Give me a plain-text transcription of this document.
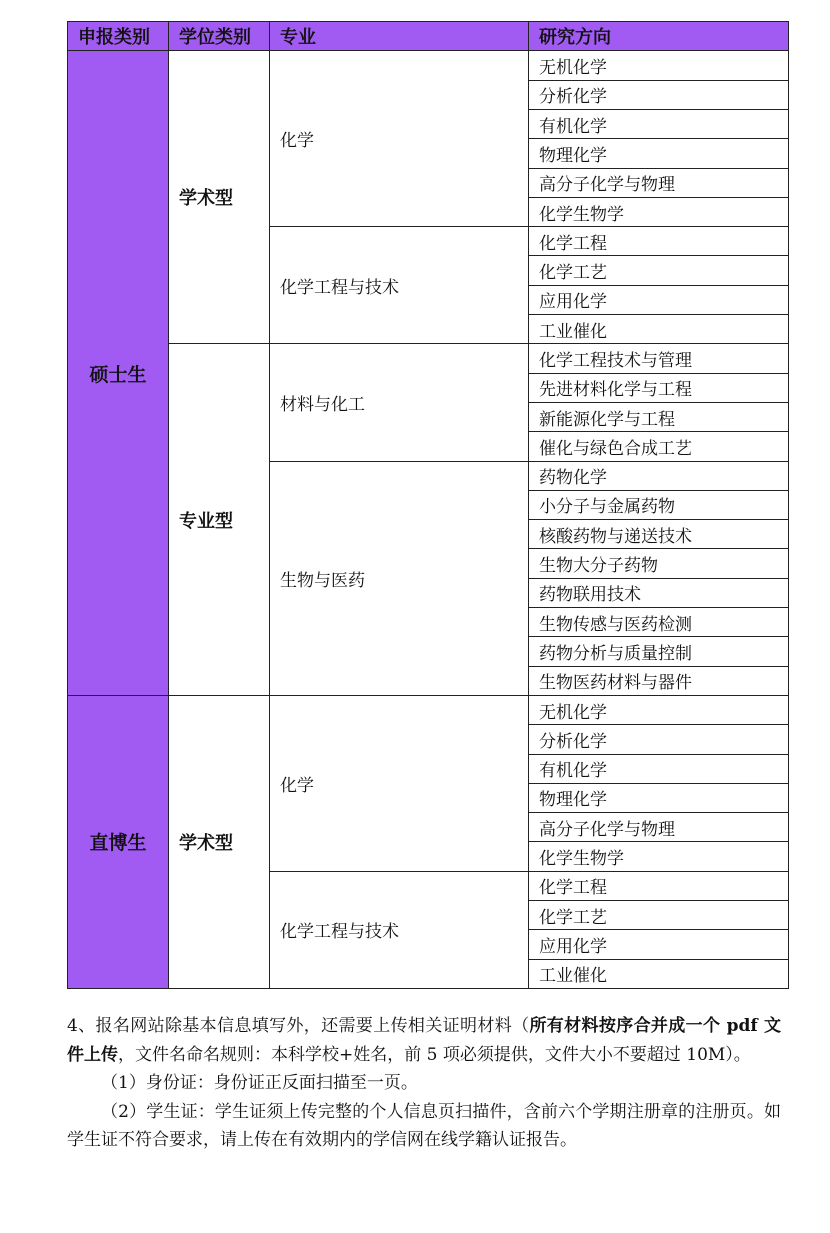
申报类别	学位类别	专业	研究方向
硕士生	学术型	化学	无机化学
			分析化学
			有机化学
			物理化学
			高分子化学与物理
			化学生物学
		化学工程与技术	化学工程
			化学工艺
			应用化学
			工业催化
	专业型	材料与化工	化学工程技术与管理
			先进材料化学与工程
			新能源化学与工程
			催化与绿色合成工艺
		生物与医药	药物化学
			小分子与金属药物
			核酸药物与递送技术
			生物大分子药物
			药物联用技术
			生物传感与医药检测
			药物分析与质量控制
			生物医药材料与器件
直博生	学术型	化学	无机化学
			分析化学
			有机化学
			物理化学
			高分子化学与物理
			化学生物学
		化学工程与技术	化学工程
			化学工艺
			应用化学
			工业催化

4、报名网站除基本信息填写外，还需要上传相关证明材料（所有材料按序合并成一个 pdf 文件上传，文件名命名规则：本科学校+姓名，前 5 项必须提供，文件大小不要超过 10M）。

（1）身份证：身份证正反面扫描至一页。

（2）学生证：学生证须上传完整的个人信息页扫描件，含前六个学期注册章的注册页。如学生证不符合要求，请上传在有效期内的学信网在线学籍认证报告。
